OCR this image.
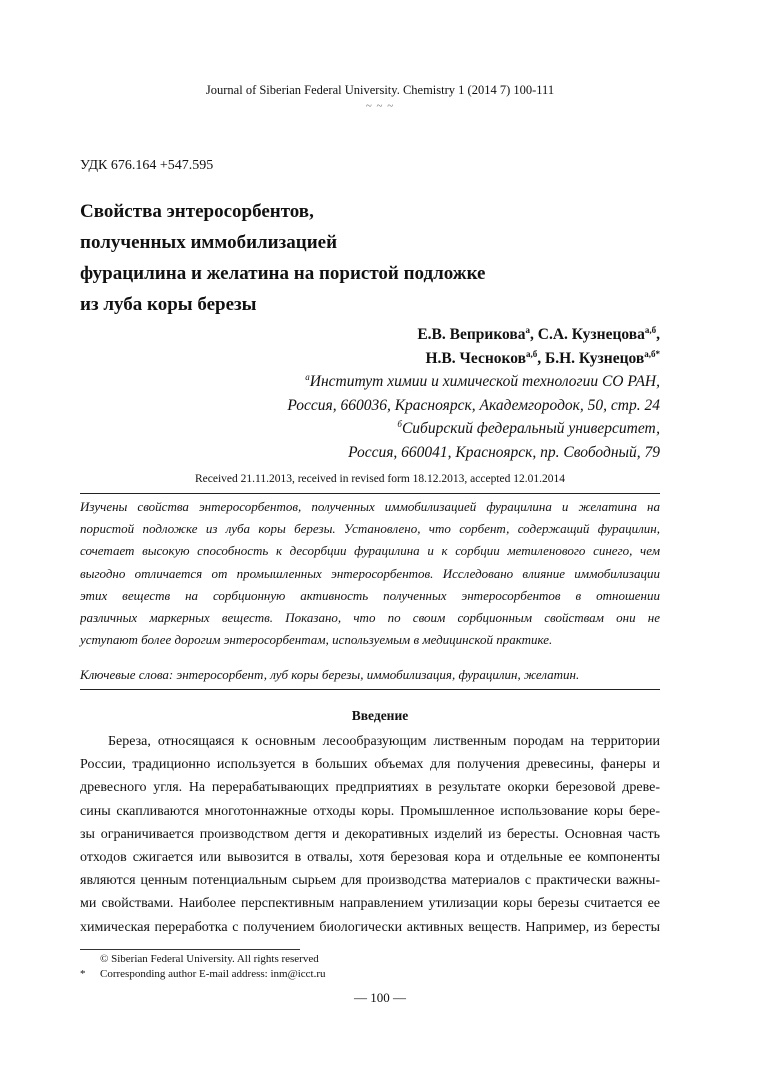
Journal of Siberian Federal University. Chemistry 1 (2014 7) 100-111
~ ~ ~
УДК 676.164 +547.595
Свойства энтеросорбентов,
полученных иммобилизацией
фурацилина и желатина на пористой подложке
из луба коры березы
Е.В. Веприкова$^а$, С.А. Кузнецова$^{а,б}$,
Н.В. Чесноков$^{а,б}$, Б.Н. Кузнецов$^{а,б*}$
$^а$Институт химии и химической технологии СО РАН,
Россия, 660036, Красноярск, Академгородок, 50, стр. 24
$^б$Сибирский федеральный университет,
Россия, 660041, Красноярск, пр. Свободный, 79
Received 21.11.2013, received in revised form 18.12.2013, accepted 12.01.2014
Изучены свойства энтеросорбентов, полученных иммобилизацией фурацилина и желатина на
пористой подложке из луба коры березы. Установлено, что сорбент, содержащий фурацилин,
сочетает высокую способность к десорбции фурацилина и к сорбции метиленового синего, чем
выгодно отличается от промышленных энтеросорбентов. Исследовано влияние иммобилизации
этих веществ на сорбционную активность полученных энтеросорбентов в отношении
различных маркерных веществ. Показано, что по своим сорбционным свойствам они не
уступают более дорогим энтеросорбентам, используемым в медицинской практике.
Ключевые слова: энтеросорбент, луб коры березы, иммобилизация, фурацилин, желатин.
Введение
Береза, относящаяся к основным лесообразующим лиственным породам на территории
России, традиционно используется в больших объемах для получения древесины, фанеры и
древесного угля. На перерабатывающих предприятиях в результате окорки березовой древе-
сины скапливаются многотоннажные отходы коры. Промышленное использование коры бере-
зы ограничивается производством дегтя и декоративных изделий из бересты. Основная часть
отходов сжигается или вывозится в отвалы, хотя березовая кора и отдельные ее компоненты
являются ценным потенциальным сырьем для производства материалов с практически важны-
ми свойствами. Наиболее перспективным направлением утилизации коры березы считается ее
химическая переработка с получением биологически активных веществ. Например, из бересты
© Siberian Federal University. All rights reserved
* Corresponding author E-mail address: inm@icct.ru
― 100 ―
